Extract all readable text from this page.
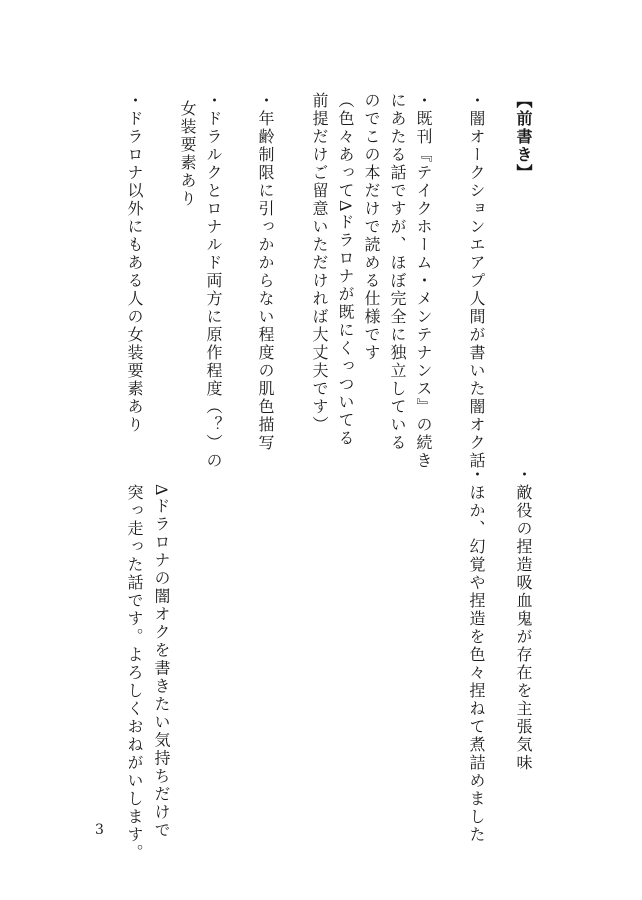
【前書き】
・闇オークションエアプ人間が書いた闇オク話
・既刊『テイクホーム・メンテナンス』の続き
にあたる話ですが、ほぼ完全に独立している
のでこの本だけで読める仕様です
（色々あってΔドラロナが既にくっついてる
前提だけご留意いただければ大丈夫です）
・年齢制限に引っかからない程度の肌色描写
・ドラルクとロナルド両方に原作程度（？）の
女装要素あり
・ドラロナ以外にもある人の女装要素あり
・敵役の捏造吸血鬼が存在を主張気味
・ほか、幻覚や捏造を色々捏ねて煮詰めました
Δドラロナの闇オクを書きたい気持ちだけで
突っ走った話です。よろしくおねがいします。
3
